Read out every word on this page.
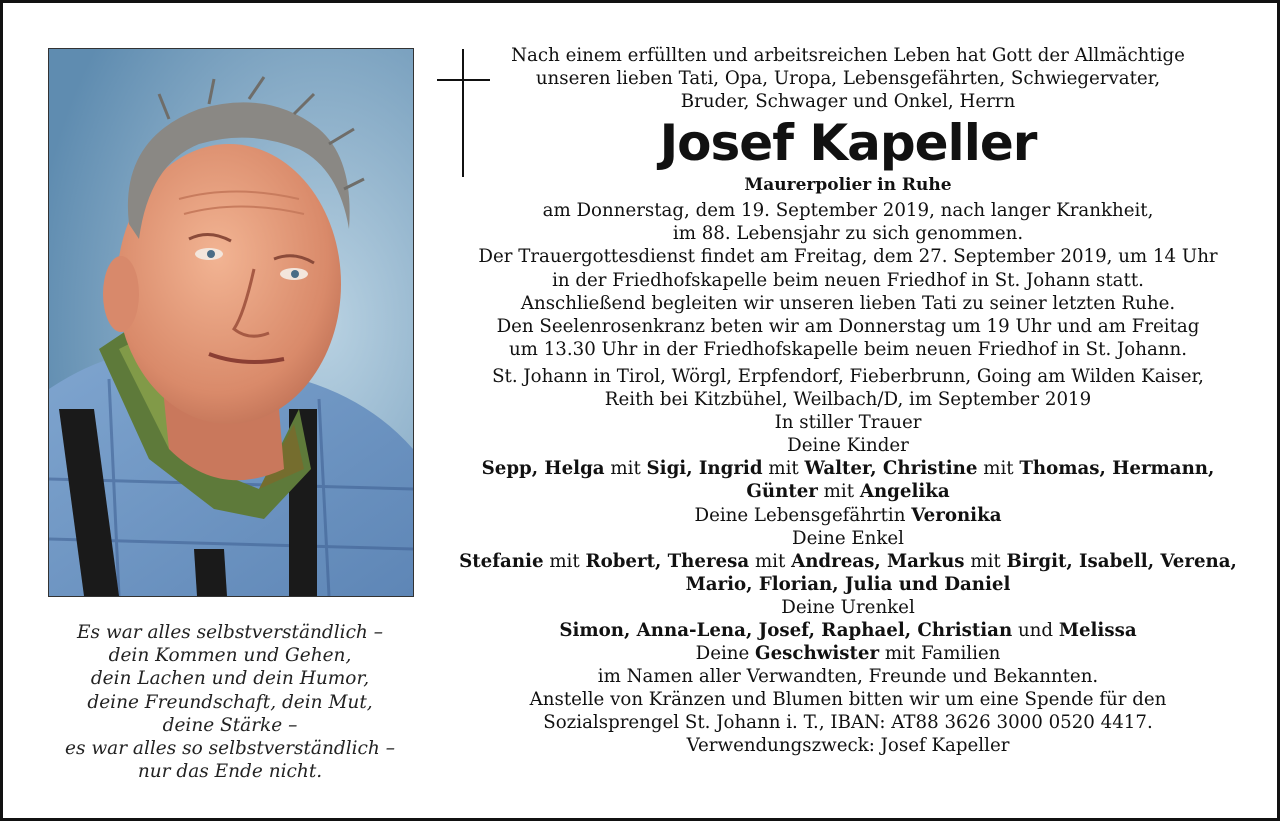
Es war alles selbstverständlich –
dein Kommen und Gehen,
dein Lachen und dein Humor,
deine Freundschaft, dein Mut,
deine Stärke –
es war alles so selbstverständlich –
nur das Ende nicht.
Nach einem erfüllten und arbeitsreichen Leben hat Gott der Allmächtige
unseren lieben Tati, Opa, Uropa, Lebensgefährten, Schwiegervater,
Bruder, Schwager und Onkel, Herrn
Josef Kapeller
Maurerpolier in Ruhe
am Donnerstag, dem 19. September 2019, nach langer Krankheit,
im 88. Lebensjahr zu sich genommen.
Der Trauergottesdienst findet am Freitag, dem 27. September 2019, um 14 Uhr
in der Friedhofskapelle beim neuen Friedhof in St. Johann statt.
Anschließend begleiten wir unseren lieben Tati zu seiner letzten Ruhe.
Den Seelenrosenkranz beten wir am Donnerstag um 19 Uhr und am Freitag
um 13.30 Uhr in der Friedhofskapelle beim neuen Friedhof in St. Johann.
St. Johann in Tirol, Wörgl, Erpfendorf, Fieberbrunn, Going am Wilden Kaiser,
Reith bei Kitzbühel, Weilbach/D, im September 2019
In stiller Trauer
Deine Kinder
Sepp, Helga mit Sigi, Ingrid mit Walter, Christine mit Thomas, Hermann,
Günter mit Angelika
Deine Lebensgefährtin Veronika
Deine Enkel
Stefanie mit Robert, Theresa mit Andreas, Markus mit Birgit, Isabell, Verena,
Mario, Florian, Julia und Daniel
Deine Urenkel
Simon, Anna-Lena, Josef, Raphael, Christian und Melissa
Deine Geschwister mit Familien
im Namen aller Verwandten, Freunde und Bekannten.
Anstelle von Kränzen und Blumen bitten wir um eine Spende für den
Sozialsprengel St. Johann i. T., IBAN: AT88 3626 3000 0520 4417.
Verwendungszweck: Josef Kapeller
